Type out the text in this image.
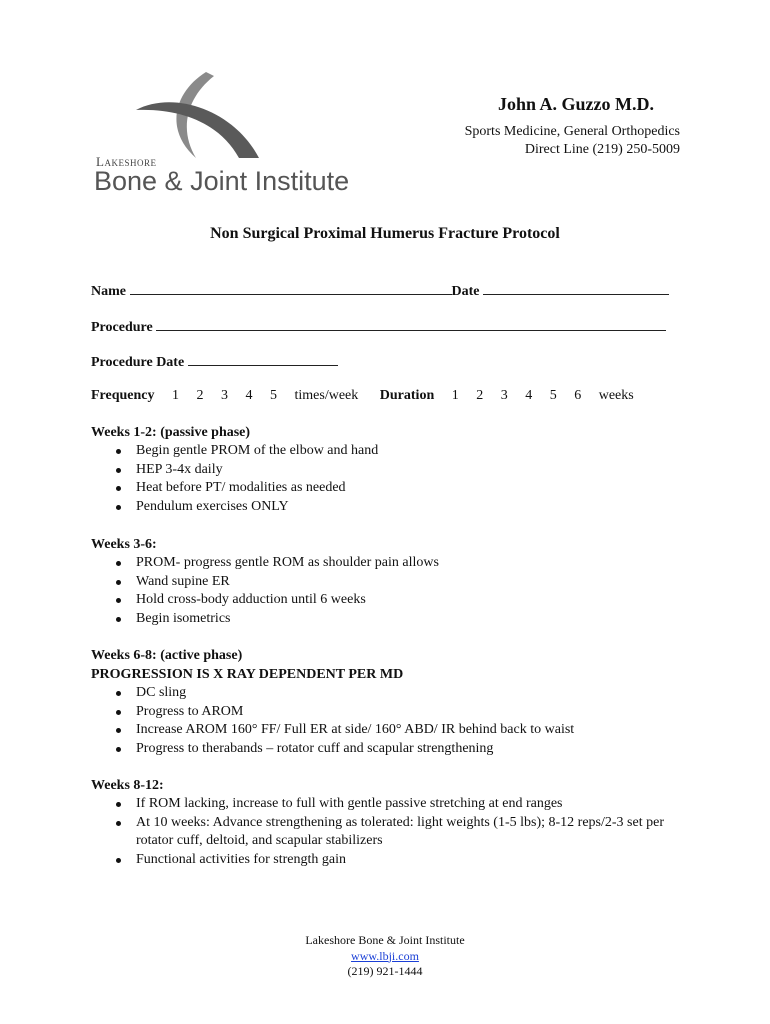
Lakeshore
Bone & Joint Institute
John A. Guzzo M.D.
Sports Medicine, General Orthopedics
Direct Line (219) 250-5009
Non Surgical Proximal Humerus Fracture Protocol
Name	Date
Procedure
Procedure Date
Frequency 1 2 3 4 5 times/week Duration 1 2 3 4 5 6 weeks
Weeks 1-2: (passive phase)
Begin gentle PROM of the elbow and hand
HEP 3-4x daily
Heat before PT/ modalities as needed
Pendulum exercises ONLY
Weeks 3-6:
PROM- progress gentle ROM as shoulder pain allows
Wand supine ER
Hold cross-body adduction until 6 weeks
Begin isometrics
Weeks 6-8: (active phase)
PROGRESSION IS X RAY DEPENDENT PER MD
DC sling
Progress to AROM
Increase AROM 160° FF/ Full ER at side/ 160° ABD/ IR behind back to waist
Progress to therabands – rotator cuff and scapular strengthening
Weeks 8-12:
If ROM lacking, increase to full with gentle passive stretching at end ranges
At 10 weeks: Advance strengthening as tolerated: light weights (1-5 lbs); 8-12 reps/2-3 set per rotator cuff, deltoid, and scapular stabilizers
Functional activities for strength gain
Lakeshore Bone & Joint Institute
www.lbji.com
(219) 921-1444
